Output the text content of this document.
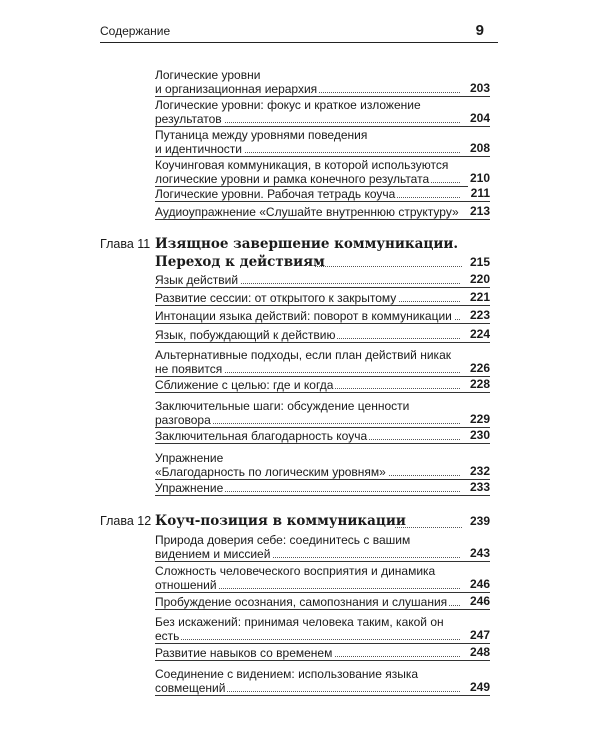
Содержание	9
Логические уровни
и организационная иерархия	203
Логические уровни: фокус и краткое изложение
результатов	204
Путаница между уровнями поведения
и идентичности	208
Коучинговая коммуникация, в которой используются
логические уровни и рамка конечного результата	210
Логические уровни. Рабочая тетрадь коуча	211
Аудиоупражнение «Слушайте внутреннюю структуру» 213
Глава 11 Изящное завершение коммуникации.
Переход к действиям	215
Язык действий	220
Развитие сессии: от открытого к закрытому	221
Интонации языка действий: поворот в коммуникации	223
Язык, побуждающий к действию	224
Альтернативные подходы, если план действий никак
не появится	226
Сближение с целью: где и когда	228
Заключительные шаги: обсуждение ценности
разговора	229
Заключительная благодарность коуча	230
Упражнение
«Благодарность по логическим уровням»	232
Упражнение	233
Глава 12 Коуч-позиция в коммуникации	239
Природа доверия себе: соединитесь с вашим
видением и миссией	243
Сложность человеческого восприятия и динамика
отношений	246
Пробуждение осознания, самопознания и слушания	246
Без искажений: принимая человека таким, какой он
есть	247
Развитие навыков со временем	248
Соединение с видением: использование языка
совмещений	249
